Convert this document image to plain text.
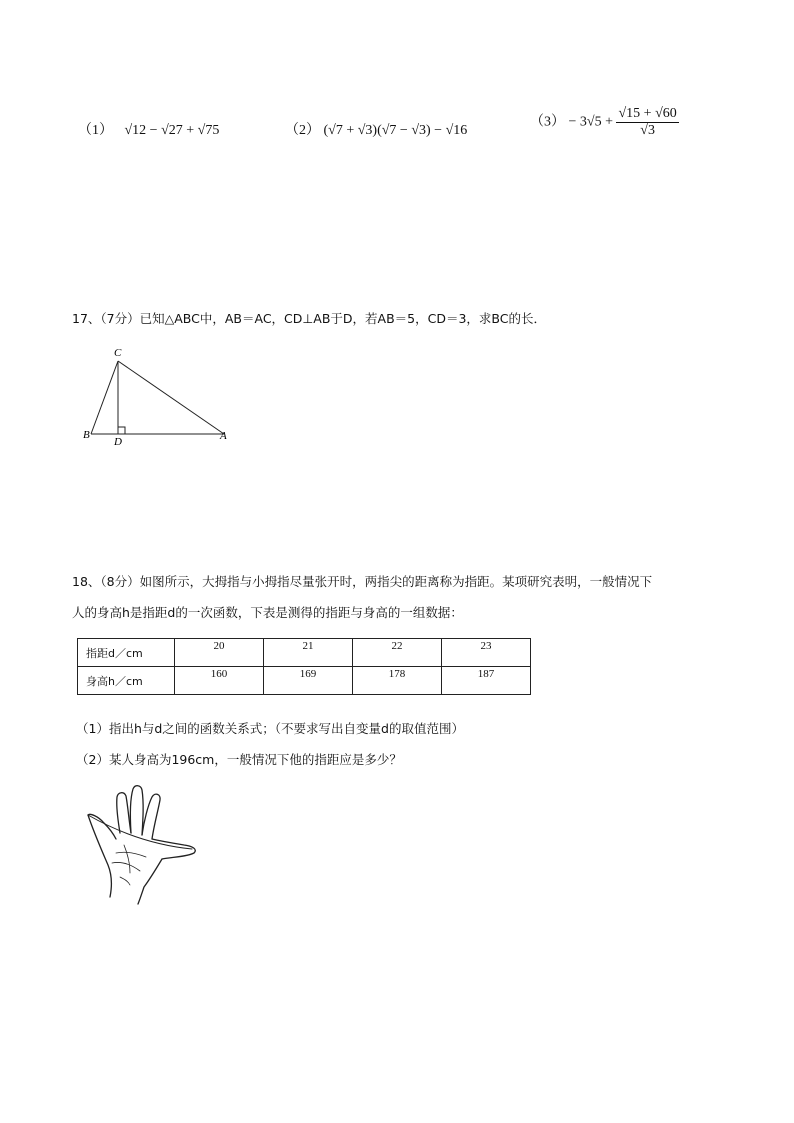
（1） √12 − √27 + √75	（2） (√7 + √3)(√7 − √3) − √16
$(3) - 3√5 + \frac{√15 + √60}{√3}$
17、（7分）已知△ABC中，AB＝AC，CD⊥AB于D，若AB＝5，CD＝3，求BC的长．
C
B
D	A
18、（8分）如图所示，大拇指与小拇指尽量张开时，两指尖的距离称为指距。某项研究表明，一般情况下
人的身高h是指距d的一次函数，下表是测得的指距与身高的一组数据：
指距d／cm	20	21	22	23
身高h／cm	160	169	178	187
（1）指出h与d之间的函数关系式；（不要求写出自变量d的取值范围）
（2）某人身高为196cm，一般情况下他的指距应是多少？
